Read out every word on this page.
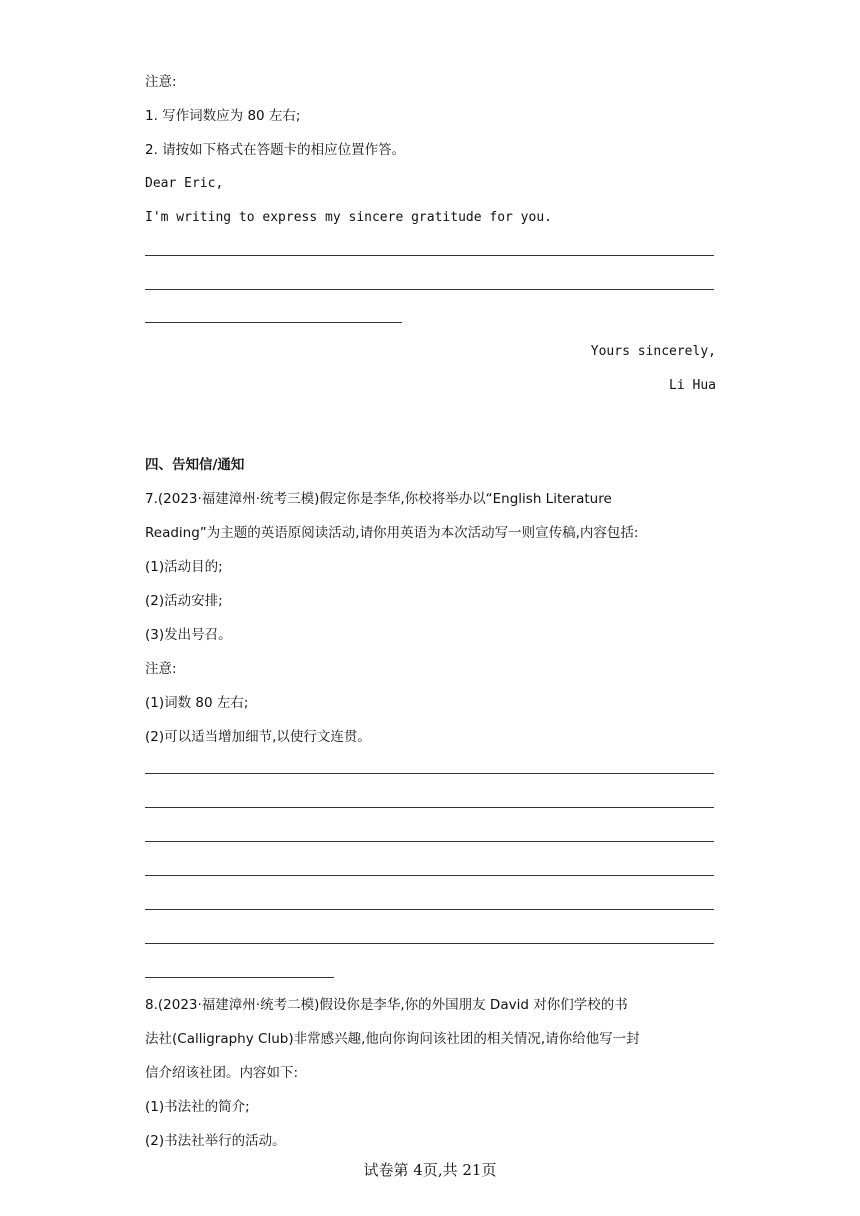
注意:
1. 写作词数应为 80 左右;
2. 请按如下格式在答题卡的相应位置作答。
Dear Eric,
I'm writing to express my sincere gratitude for you.
Yours sincerely,
Li Hua
四、告知信/通知
7.(2023·福建漳州·统考三模)假定你是李华,你校将举办以“English Literature
Reading”为主题的英语原阅读活动,请你用英语为本次活动写一则宣传稿,内容包括:
(1)活动目的;
(2)活动安排;
(3)发出号召。
注意:
(1)词数 80 左右;
(2)可以适当增加细节,以使行文连贯。
8.(2023·福建漳州·统考二模)假设你是李华,你的外国朋友 David 对你们学校的书
法社(Calligraphy Club)非常感兴趣,他向你询问该社团的相关情况,请你给他写一封
信介绍该社团。内容如下:
(1)书法社的简介;
(2)书法社举行的活动。
试卷第 4页,共 21页
